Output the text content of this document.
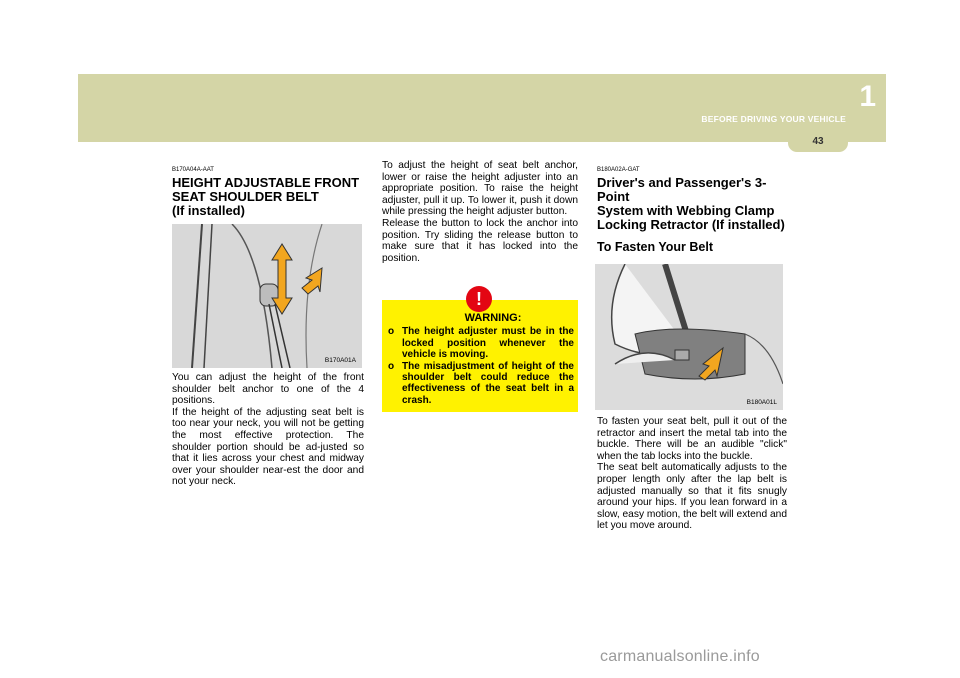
1
BEFORE DRIVING YOUR VEHICLE
43
B170A04A-AAT
HEIGHT ADJUSTABLE FRONT
SEAT SHOULDER BELT
(If installed)
B170A01A
You can adjust the height of the front shoulder belt anchor to one of the 4 positions.
If the height of the adjusting seat belt is too near your neck, you will not be getting the most effective protection. The shoulder portion should be ad-justed so that it lies across your chest and midway over your shoulder near-est the door and not your neck.
To adjust the height of seat belt anchor, lower or raise the height adjuster into an appropriate position. To raise the height adjuster, pull it up. To lower it, push it down while pressing the height adjuster button.
Release the button to lock the anchor into position. Try sliding the release button to make sure that it has locked into the position.
!
WARNING:
o The height adjuster must be in the locked position whenever the vehicle is moving.
o The misadjustment of height of the shoulder belt could reduce the effectiveness of the seat belt in a crash.
B180A02A-GAT
Driver's and Passenger's 3-Point
System with Webbing Clamp
Locking Retractor (If installed)
To Fasten Your Belt
B180A01L
To fasten your seat belt, pull it out of the retractor and insert the metal tab into the buckle. There will be an audible "click" when the tab locks into the buckle.
The seat belt automatically adjusts to the proper length only after the lap belt is adjusted manually so that it fits snugly around your hips. If you lean forward in a slow, easy motion, the belt will extend and let you move around.
carmanualsonline.info
